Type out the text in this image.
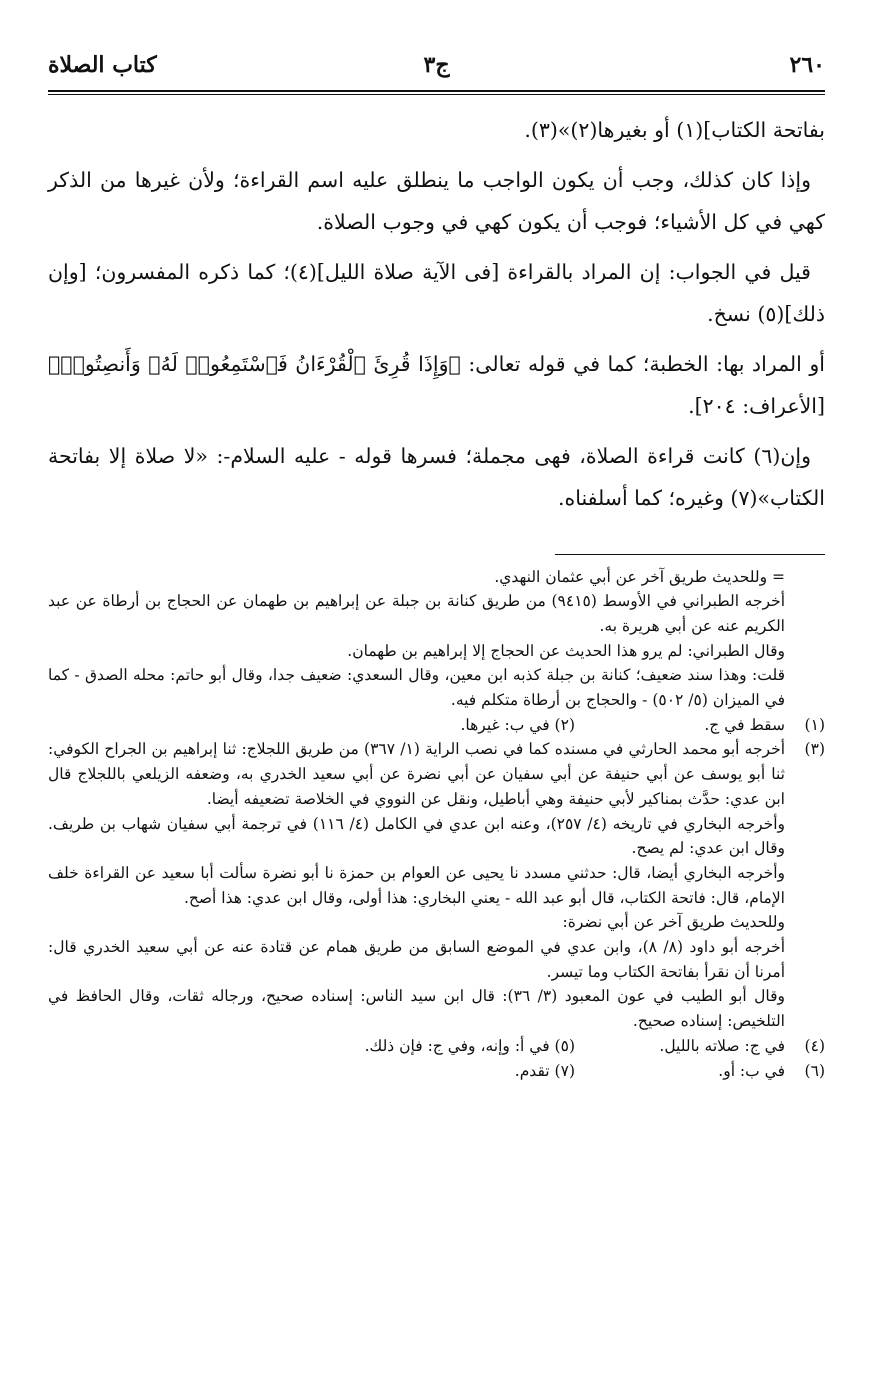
٢٦٠
ج٣
كتاب الصلاة

بفاتحة الكتاب](١) أو بغيرها(٢)»(٣).

وإذا كان كذلك، وجب أن يكون الواجب ما ينطلق عليه اسم القراءة؛ ولأن غيرها من الذكر كهي في كل الأشياء؛ فوجب أن يكون كهي في وجوب الصلاة.

قيل في الجواب: إن المراد بالقراءة [فى الآية صلاة الليل](٤)؛ كما ذكره المفسرون؛ [وإن ذلك](٥) نسخ.

أو المراد بها: الخطبة؛ كما في قوله تعالى: ﴿وَإِذَا قُرِئَ ٱلْقُرْءَانُ فَٱسْتَمِعُوا۟ لَهُۥ وَأَنصِتُوا۟﴾ [الأعراف: ٢٠٤].

وإن(٦) كانت قراءة الصلاة، فهى مجملة؛ فسرها قوله - عليه السلام-: «لا صلاة إلا بفاتحة الكتاب»(٧) وغيره؛ كما أسلفناه.

= وللحديث طريق آخر عن أبي عثمان النهدي.
أخرجه الطبراني في الأوسط (٩٤١٥) من طريق كنانة بن جبلة عن إبراهيم بن طهمان عن الحجاج بن أرطاة عن عبد الكريم عنه عن أبي هريرة به.
وقال الطبراني: لم يرو هذا الحديث عن الحجاج إلا إبراهيم بن طهمان.
قلت: وهذا سند ضعيف؛ كنانة بن جبلة كذبه ابن معين، وقال السعدي: ضعيف جدا، وقال أبو حاتم: محله الصدق - كما في الميزان (٥/ ٥٠٢) - والحجاج بن أرطاة متكلم فيه.
(١)
سقط في ج.
(٢) في ب: غيرها.
(٣)
أخرجه أبو محمد الحارثي في مسنده كما في نصب الراية (١/ ٣٦٧) من طريق اللجلاج: ثنا إبراهيم بن الجراح الكوفي: ثنا أبو يوسف عن أبي حنيفة عن أبي سفيان عن أبي نضرة عن أبي سعيد الخدري به، وضعفه الزيلعي باللجلاج قال ابن عدي: حدَّث بمناكير لأبي حنيفة وهي أباطيل، ونقل عن النووي في الخلاصة تضعيفه أيضا.
وأخرجه البخاري في تاريخه (٤/ ٢٥٧)، وعنه ابن عدي في الكامل (٤/ ١١٦) في ترجمة أبي سفيان شهاب بن طريف. وقال ابن عدي: لم يصح.
وأخرجه البخاري أيضا، قال: حدثني مسدد نا يحيى عن العوام بن حمزة نا أبو نضرة سألت أبا سعيد عن القراءة خلف الإمام، قال: فاتحة الكتاب، قال أبو عبد الله - يعني البخاري: هذا أولى، وقال ابن عدي: هذا أصح.
وللحديث طريق آخر عن أبي نضرة:
أخرجه أبو داود (٨/ ٨)، وابن عدي في الموضع السابق من طريق همام عن قتادة عنه عن أبي سعيد الخدري قال: أمرنا أن نقرأ بفاتحة الكتاب وما تيسر.
وقال أبو الطيب في عون المعبود (٣/ ٣٦): قال ابن سيد الناس: إسناده صحيح، ورجاله ثقات، وقال الحافظ في التلخيص: إسناده صحيح.
(٤)
في ج: صلاته بالليل.
(٥) في أ: وإنه، وفي ج: فإن ذلك.
(٦)
في ب: أو.
(٧) تقدم.
